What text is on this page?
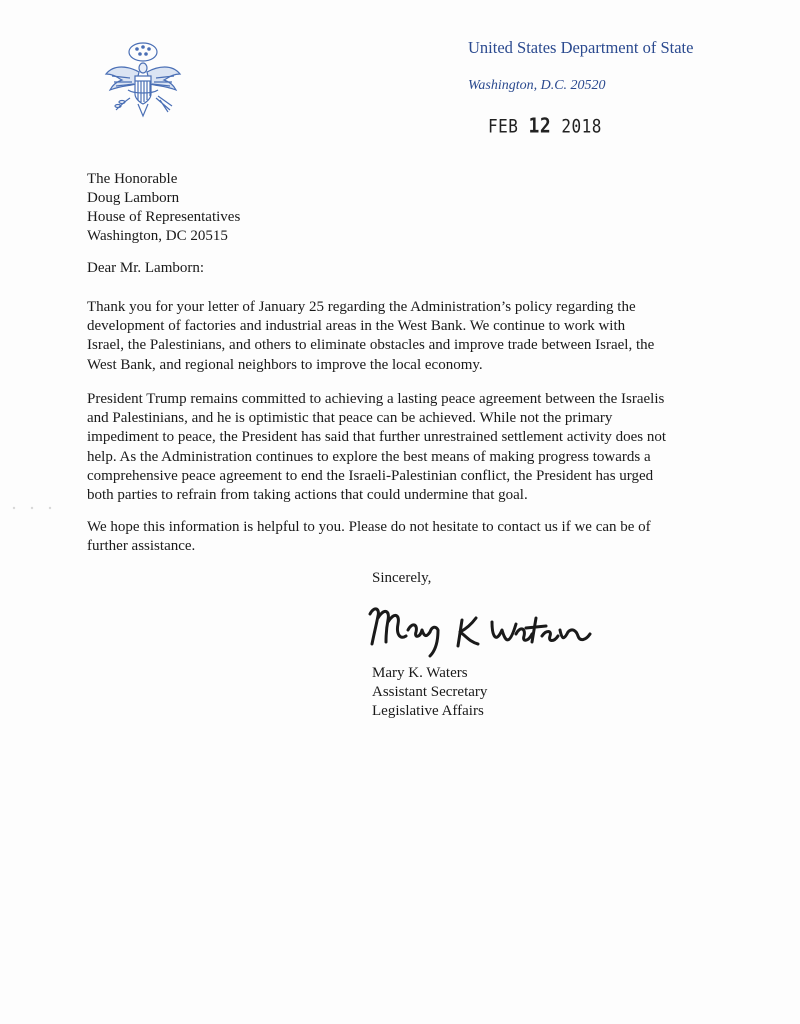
United States Department of State
Washington, D.C. 20520
FEB 12 2018
The Honorable
Doug Lamborn
House of Representatives
Washington, DC 20515
Dear Mr. Lamborn:
Thank you for your letter of January 25 regarding the Administration’s policy regarding the
development of factories and industrial areas in the West Bank. We continue to work with
Israel, the Palestinians, and others to eliminate obstacles and improve trade between Israel, the
West Bank, and regional neighbors to improve the local economy.
President Trump remains committed to achieving a lasting peace agreement between the Israelis
and Palestinians, and he is optimistic that peace can be achieved. While not the primary
impediment to peace, the President has said that further unrestrained settlement activity does not
help. As the Administration continues to explore the best means of making progress towards a
comprehensive peace agreement to end the Israeli-Palestinian conflict, the President has urged
both parties to refrain from taking actions that could undermine that goal.
We hope this information is helpful to you. Please do not hesitate to contact us if we can be of
further assistance.
Sincerely,
Mary K. Waters
Assistant Secretary
Legislative Affairs
